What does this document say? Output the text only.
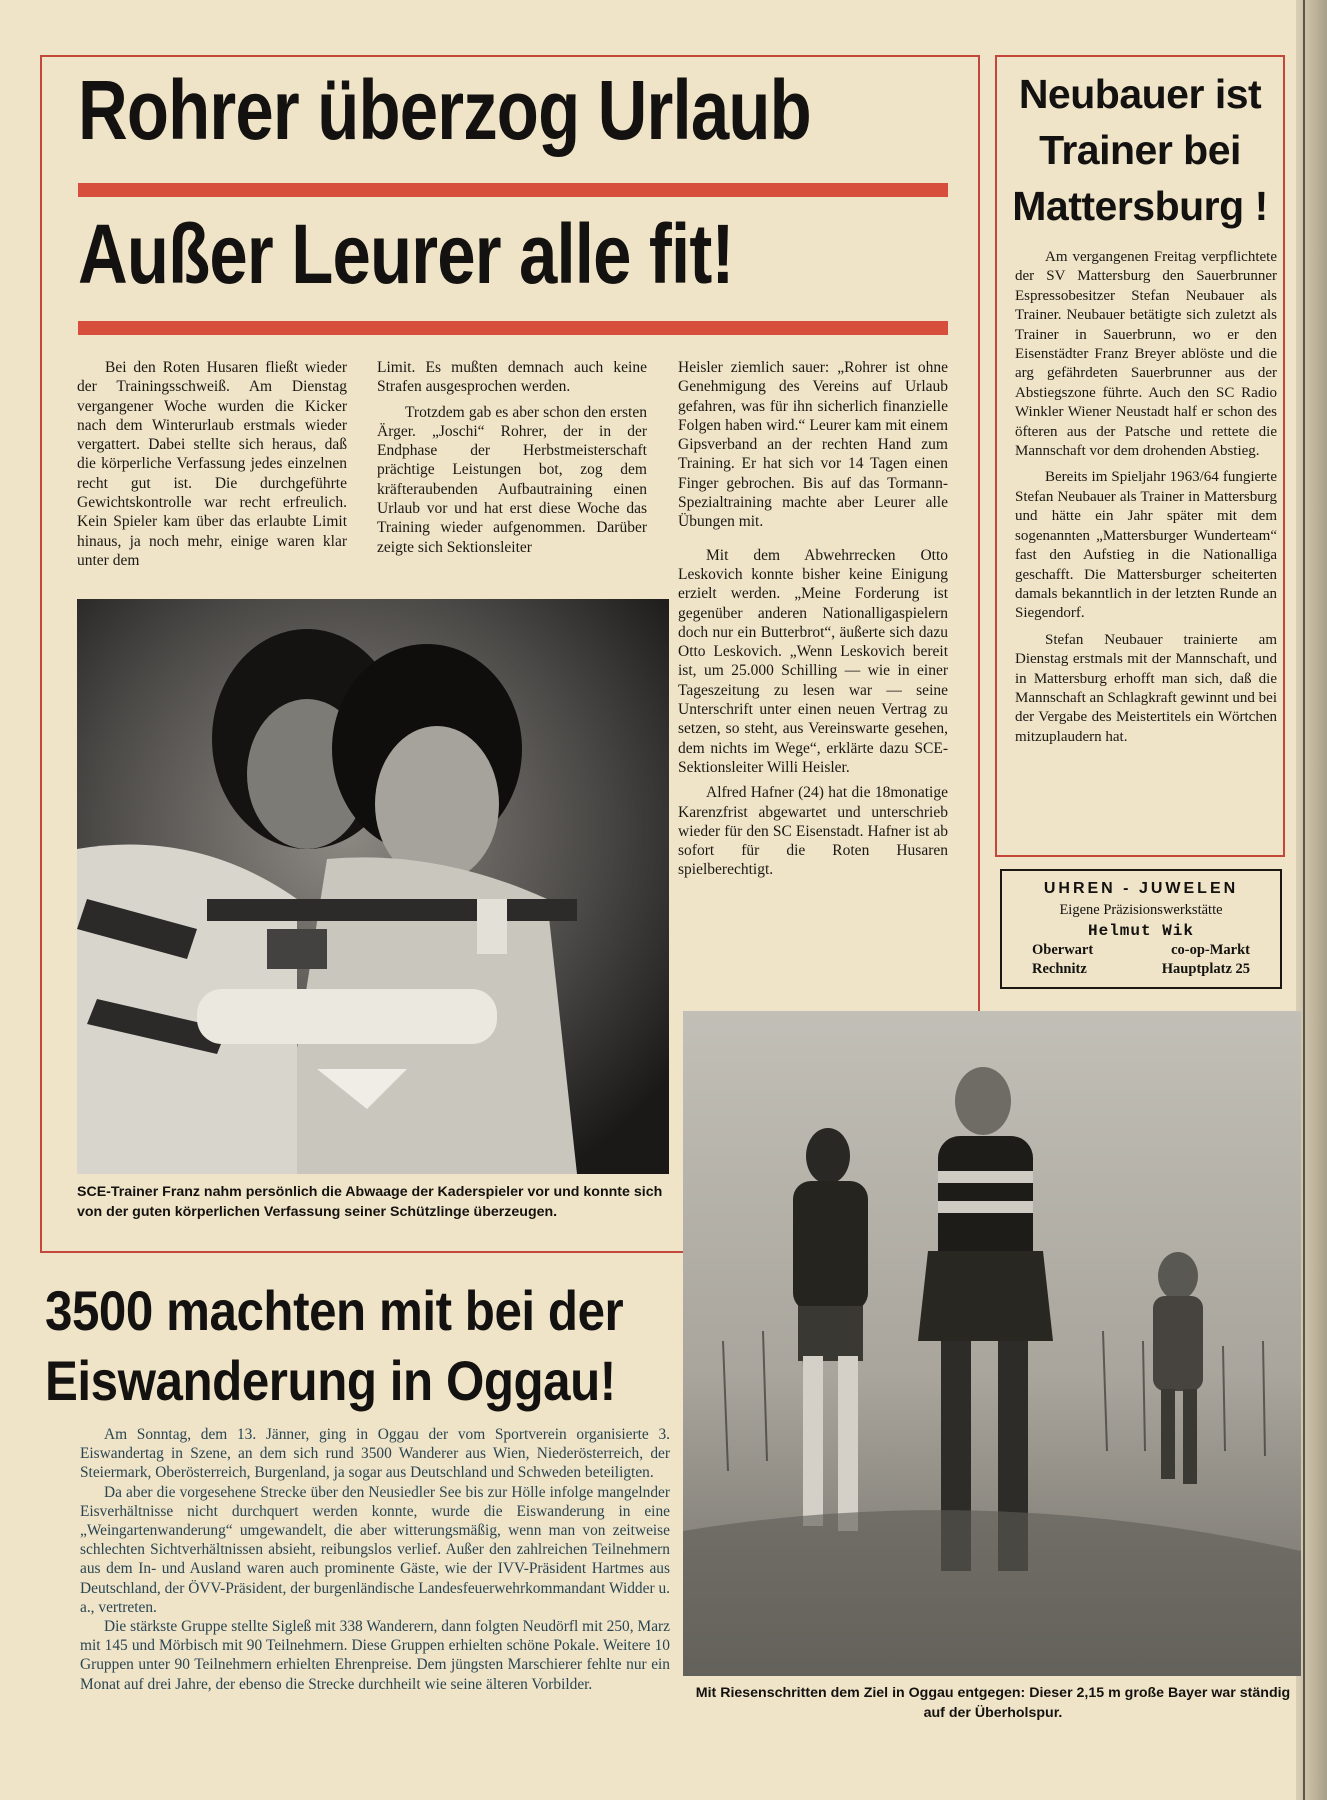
Rohrer überzog Urlaub
Außer Leurer alle fit!

Bei den Roten Husaren fließt wieder der Trainingsschweiß. Am Dienstag vergangener Woche wurden die Kicker nach dem Winterurlaub erstmals wieder vergattert. Dabei stellte sich heraus, daß die körperliche Verfassung jedes einzelnen recht gut ist. Die durchgeführte Gewichtskontrolle war recht erfreulich. Kein Spieler kam über das erlaubte Limit hinaus, ja noch mehr, einige waren klar unter dem

Limit. Es mußten demnach auch keine Strafen ausgesprochen werden.

Trotzdem gab es aber schon den ersten Ärger. „Joschi“ Rohrer, der in der Endphase der Herbstmeisterschaft prächtige Leistungen bot, zog dem kräfteraubenden Aufbautraining einen Urlaub vor und hat erst diese Woche das Training wieder aufgenommen. Darüber zeigte sich Sektionsleiter

Heisler ziemlich sauer: „Rohrer ist ohne Genehmigung des Vereins auf Urlaub gefahren, was für ihn sicherlich finanzielle Folgen haben wird.“ Leurer kam mit einem Gipsverband an der rechten Hand zum Training. Er hat sich vor 14 Tagen einen Finger gebrochen. Bis auf das Tormann-Spezialtraining machte aber Leurer alle Übungen mit.

Mit dem Abwehrrecken Otto Leskovich konnte bisher keine Einigung erzielt werden. „Meine Forderung ist gegenüber anderen Nationalligaspielern doch nur ein Butterbrot“, äußerte sich dazu Otto Leskovich. „Wenn Leskovich bereit ist, um 25.000 Schilling — wie in einer Tageszeitung zu lesen war — seine Unterschrift unter einen neuen Vertrag zu setzen, so steht, aus Vereinswarte gesehen, dem nichts im Wege“, erklärte dazu SCE-Sektionsleiter Willi Heisler.

Alfred Hafner (24) hat die 18monatige Karenzfrist abgewartet und unterschrieb wieder für den SC Eisenstadt. Hafner ist ab sofort für die Roten Husaren spielberechtigt.

SCE-Trainer Franz nahm persönlich die Abwaage der Kaderspieler vor und konnte sich von der guten körperlichen Verfassung seiner Schützlinge überzeugen.
Neubauer ist Trainer bei Mattersburg !

Am vergangenen Freitag verpflichtete der SV Mattersburg den Sauerbrunner Espressobesitzer Stefan Neubauer als Trainer. Neubauer betätigte sich zuletzt als Trainer in Sauerbrunn, wo er den Eisenstädter Franz Breyer ablöste und die arg gefährdeten Sauerbrunner aus der Abstiegszone führte. Auch den SC Radio Winkler Wiener Neustadt half er schon des öfteren aus der Patsche und rettete die Mannschaft vor dem drohenden Abstieg.

Bereits im Spieljahr 1963/64 fungierte Stefan Neubauer als Trainer in Mattersburg und hätte ein Jahr später mit dem sogenannten „Mattersburger Wunderteam“ fast den Aufstieg in die Nationalliga geschafft. Die Mattersburger scheiterten damals bekanntlich in der letzten Runde an Siegendorf.

Stefan Neubauer trainierte am Dienstag erstmals mit der Mannschaft, und in Mattersburg erhofft man sich, daß die Mannschaft an Schlagkraft gewinnt und bei der Vergabe des Meistertitels ein Wörtchen mitzuplaudern hat.

UHREN - JUWELEN
Eigene Präzisionswerkstätte
Helmut Wik
Oberwart	co-op-Markt
Rechnitz	Hauptplatz 25
3500 machten mit bei der
Eiswanderung in Oggau!

Am Sonntag, dem 13. Jänner, ging in Oggau der vom Sportverein organisierte 3. Eiswandertag in Szene, an dem sich rund 3500 Wanderer aus Wien, Niederösterreich, der Steiermark, Oberösterreich, Burgenland, ja sogar aus Deutschland und Schweden beteiligten.

Da aber die vorgesehene Strecke über den Neusiedler See bis zur Hölle infolge mangelnder Eisverhältnisse nicht durchquert werden konnte, wurde die Eiswanderung in eine „Weingartenwanderung“ umgewandelt, die aber witterungsmäßig, wenn man von zeitweise schlechten Sichtverhältnissen absieht, reibungslos verlief. Außer den zahlreichen Teilnehmern aus dem In- und Ausland waren auch prominente Gäste, wie der IVV-Präsident Hartmes aus Deutschland, der ÖVV-Präsident, der burgenländische Landesfeuerwehrkommandant Widder u. a., vertreten.

Die stärkste Gruppe stellte Sigleß mit 338 Wanderern, dann folgten Neudörfl mit 250, Marz mit 145 und Mörbisch mit 90 Teilnehmern. Diese Gruppen erhielten schöne Pokale. Weitere 10 Gruppen unter 90 Teilnehmern erhielten Ehrenpreise. Dem jüngsten Marschierer fehlte nur ein Monat auf drei Jahre, der ebenso die Strecke durchheilt wie seine älteren Vorbilder.

Mit Riesenschritten dem Ziel in Oggau entgegen: Dieser 2,15 m große Bayer war ständig auf der Überholspur.
